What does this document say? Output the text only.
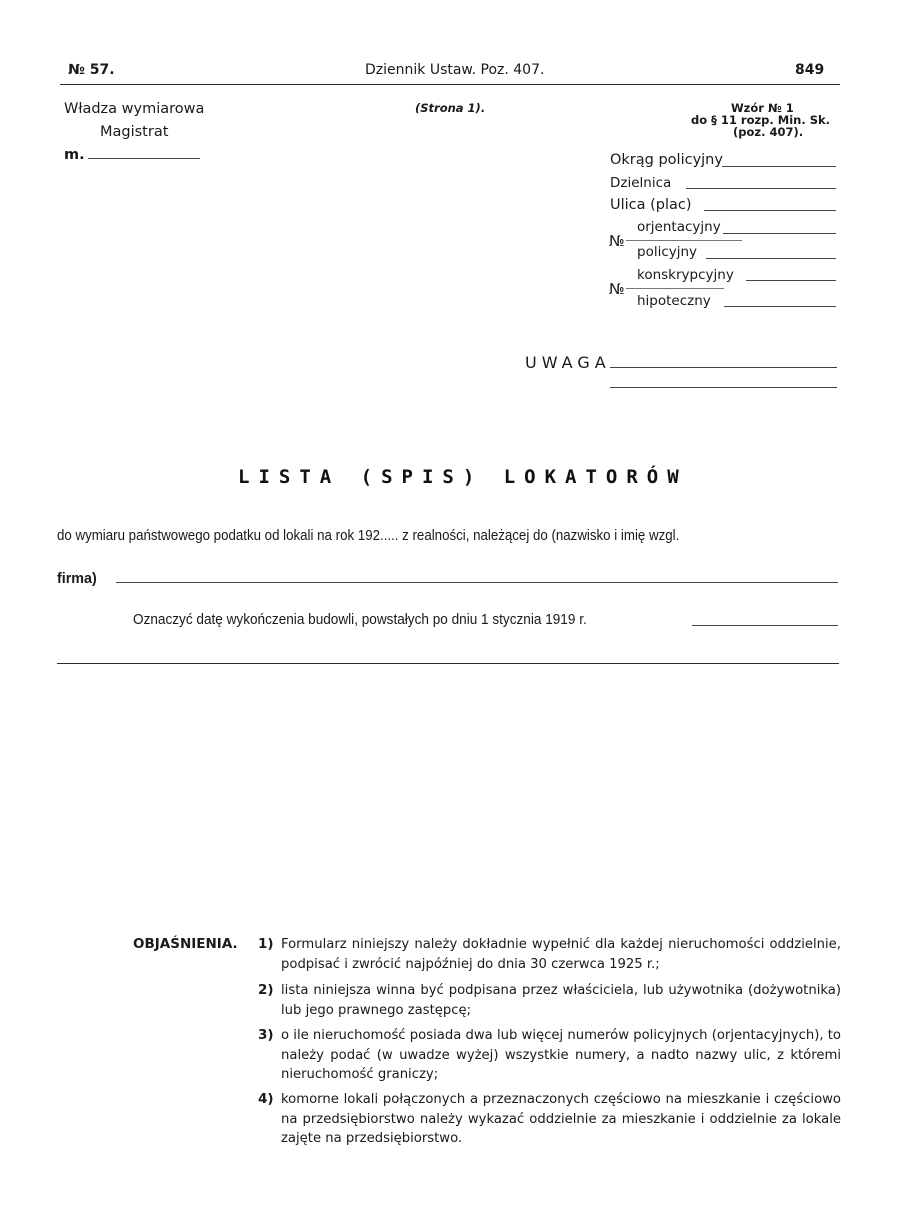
№ 57.	Dziennik Ustaw. Poz. 407.	849
Władza wymiarowa
Magistrat
m.
(Strona 1).	Wzór № 1
do § 11 rozp. Min. Sk.
(poz. 407).
Okrąg policyjny
Dzielnica
Ulica (plac)
orjentacyjny
№
policyjny
konskrypcyjny
№
hipoteczny
UWAGA
LISTA (SPIS) LOKATORÓW
do wymiaru państwowego podatku od lokali na rok 192..... z realności, należącej do (nazwisko i imię wzgl.
firma)
Oznaczyć datę wykończenia budowli, powstałych po dniu 1 stycznia 1919 r.
OBJAŚNIENIA. 1) Formularz niniejszy należy dokładnie wypełnić dla każdej nieruchomości oddzielnie, podpisać i zwrócić najpóźniej do dnia 30 czerwca 1925 r.;
2) lista niniejsza winna być podpisana przez właściciela, lub używotnika (dożywotnika) lub jego prawnego zastępcę;
3) o ile nieruchomość posiada dwa lub więcej numerów policyjnych (orjentacyjnych), to należy podać (w uwadze wyżej) wszystkie numery, a nadto nazwy ulic, z któremi nieruchomość graniczy;
4) komorne lokali połączonych a przeznaczonych częściowo na mieszkanie i częściowo na przedsiębiorstwo należy wykazać oddzielnie za mieszkanie i oddzielnie za lokale zajęte na przedsiębiorstwo.
